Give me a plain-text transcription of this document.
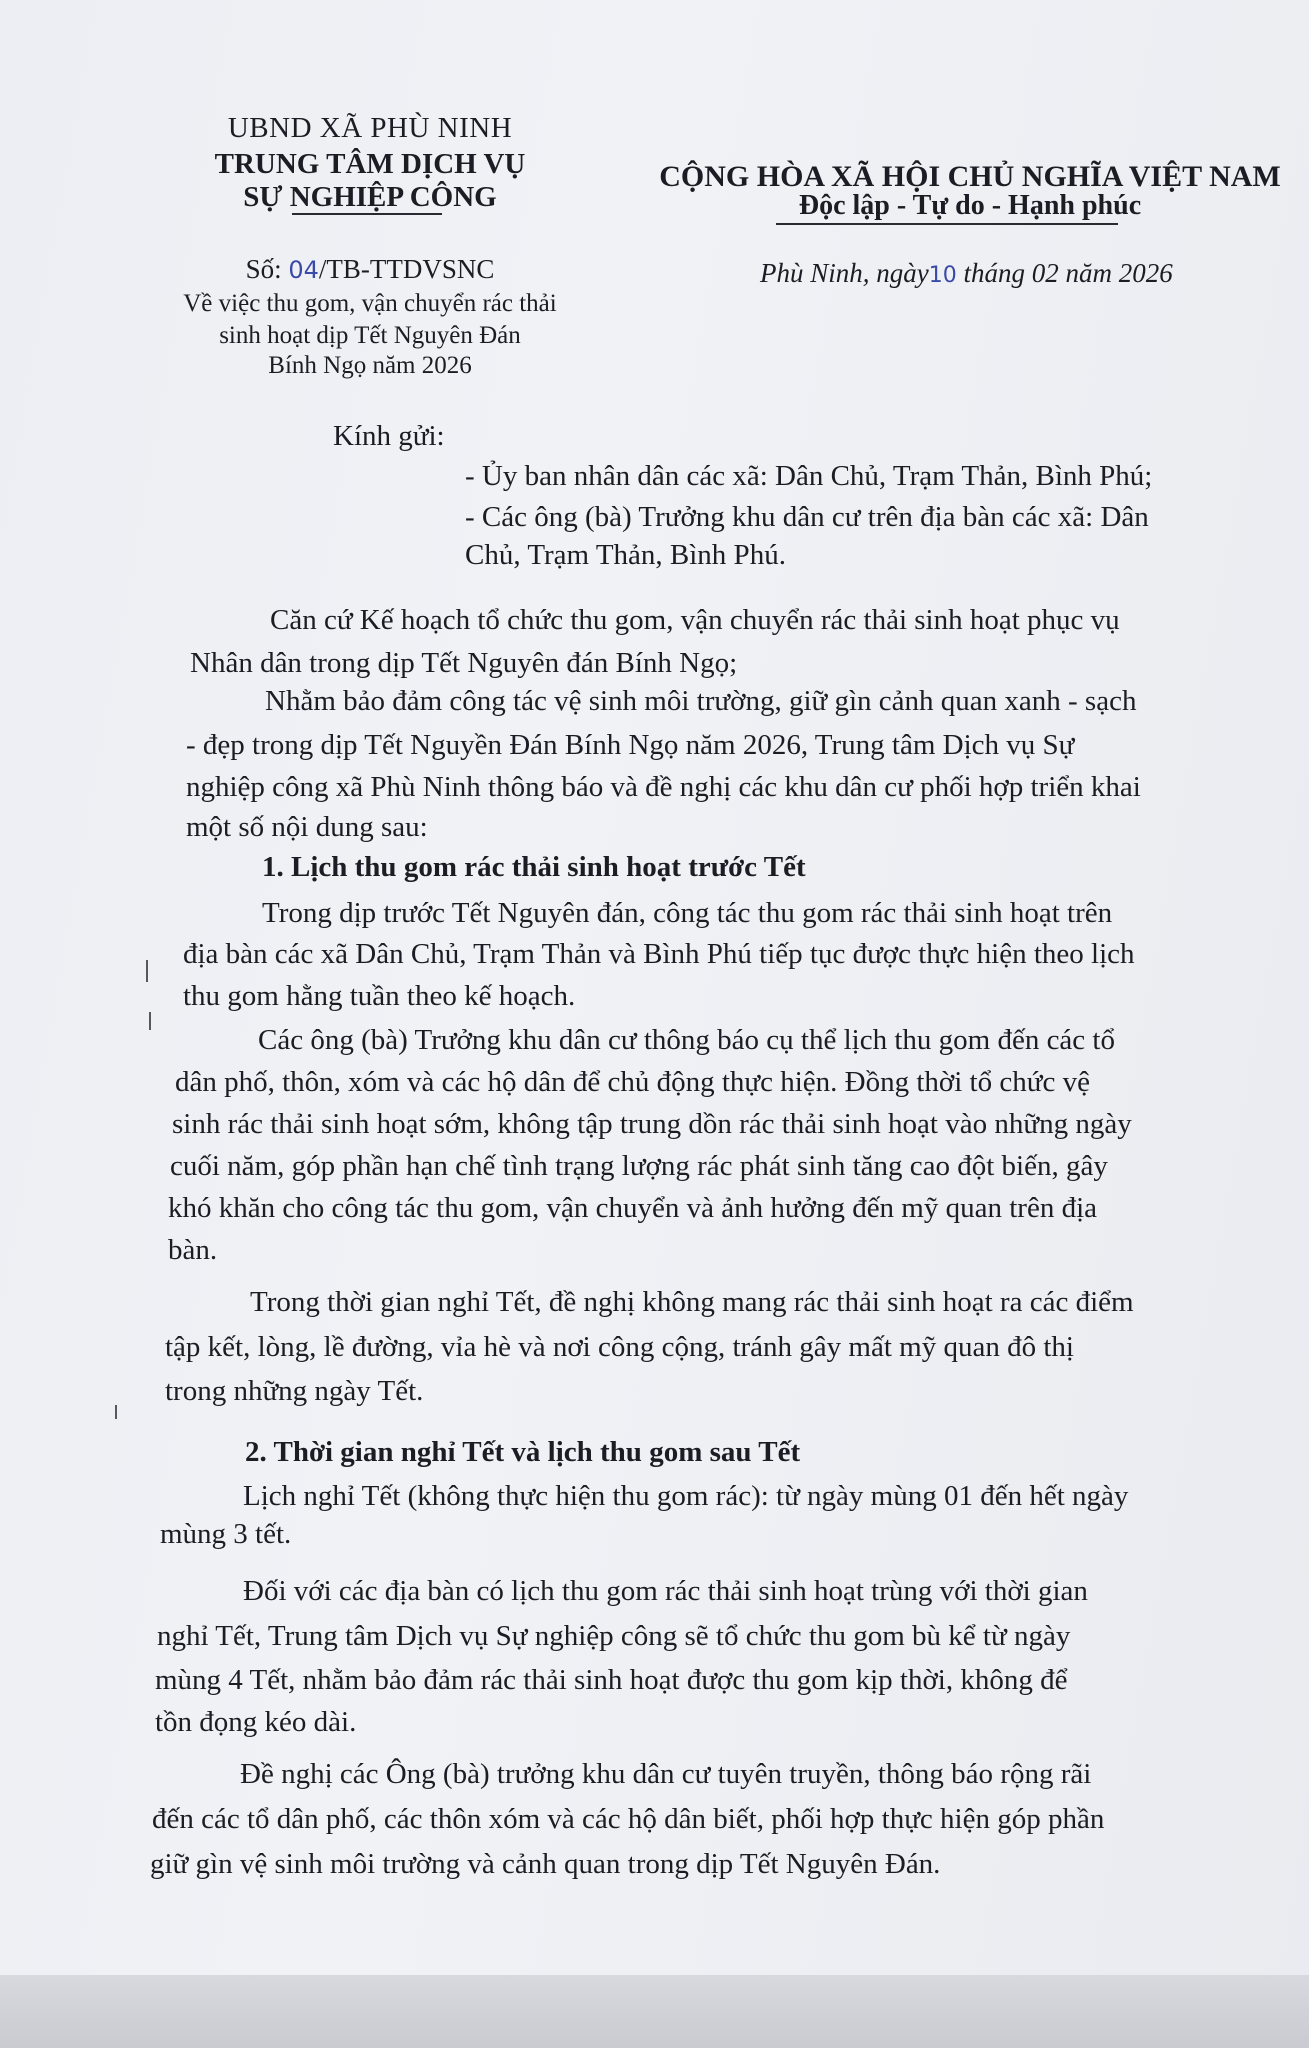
UBND XÃ PHÙ NINH
TRUNG TÂM DỊCH VỤ
SỰ NGHIỆP CÔNG
CỘNG HÒA XÃ HỘI CHỦ NGHĨA VIỆT NAM
Độc lập - Tự do - Hạnh phúc
Số: 04/TB-TTDVSNC
Về việc thu gom, vận chuyển rác thải
sinh hoạt dịp Tết Nguyên Đán
Bính Ngọ năm 2026
Phù Ninh, ngày10 tháng 02 năm 2026
Kính gửi:
- Ủy ban nhân dân các xã: Dân Chủ, Trạm Thản, Bình Phú;
- Các ông (bà) Trưởng khu dân cư trên địa bàn các xã: Dân
Chủ, Trạm Thản, Bình Phú.
Căn cứ Kế hoạch tổ chức thu gom, vận chuyển rác thải sinh hoạt phục vụ
Nhân dân trong dịp Tết Nguyên đán Bính Ngọ;
Nhằm bảo đảm công tác vệ sinh môi trường, giữ gìn cảnh quan xanh - sạch
- đẹp trong dịp Tết Nguyền Đán Bính Ngọ năm 2026, Trung tâm Dịch vụ Sự
nghiệp công xã Phù Ninh thông báo và đề nghị các khu dân cư phối hợp triển khai
một số nội dung sau:
1. Lịch thu gom rác thải sinh hoạt trước Tết
Trong dịp trước Tết Nguyên đán, công tác thu gom rác thải sinh hoạt trên
địa bàn các xã Dân Chủ, Trạm Thản và Bình Phú tiếp tục được thực hiện theo lịch
thu gom hằng tuần theo kế hoạch.
Các ông (bà) Trưởng khu dân cư thông báo cụ thể lịch thu gom đến các tổ
dân phố, thôn, xóm và các hộ dân để chủ động thực hiện. Đồng thời tổ chức vệ
sinh rác thải sinh hoạt sớm, không tập trung dồn rác thải sinh hoạt vào những ngày
cuối năm, góp phần hạn chế tình trạng lượng rác phát sinh tăng cao đột biến, gây
khó khăn cho công tác thu gom, vận chuyển và ảnh hưởng đến mỹ quan trên địa
bàn.
Trong thời gian nghỉ Tết, đề nghị không mang rác thải sinh hoạt ra các điểm
tập kết, lòng, lề đường, vỉa hè và nơi công cộng, tránh gây mất mỹ quan đô thị
trong những ngày Tết.
2. Thời gian nghỉ Tết và lịch thu gom sau Tết
Lịch nghỉ Tết (không thực hiện thu gom rác): từ ngày mùng 01 đến hết ngày
mùng 3 tết.
Đối với các địa bàn có lịch thu gom rác thải sinh hoạt trùng với thời gian
nghỉ Tết, Trung tâm Dịch vụ Sự nghiệp công sẽ tổ chức thu gom bù kể từ ngày
mùng 4 Tết, nhằm bảo đảm rác thải sinh hoạt được thu gom kịp thời, không để
tồn đọng kéo dài.
Đề nghị các Ông (bà) trưởng khu dân cư tuyên truyền, thông báo rộng rãi
đến các tổ dân phố, các thôn xóm và các hộ dân biết, phối hợp thực hiện góp phần
giữ gìn vệ sinh môi trường và cảnh quan trong dịp Tết Nguyên Đán.
